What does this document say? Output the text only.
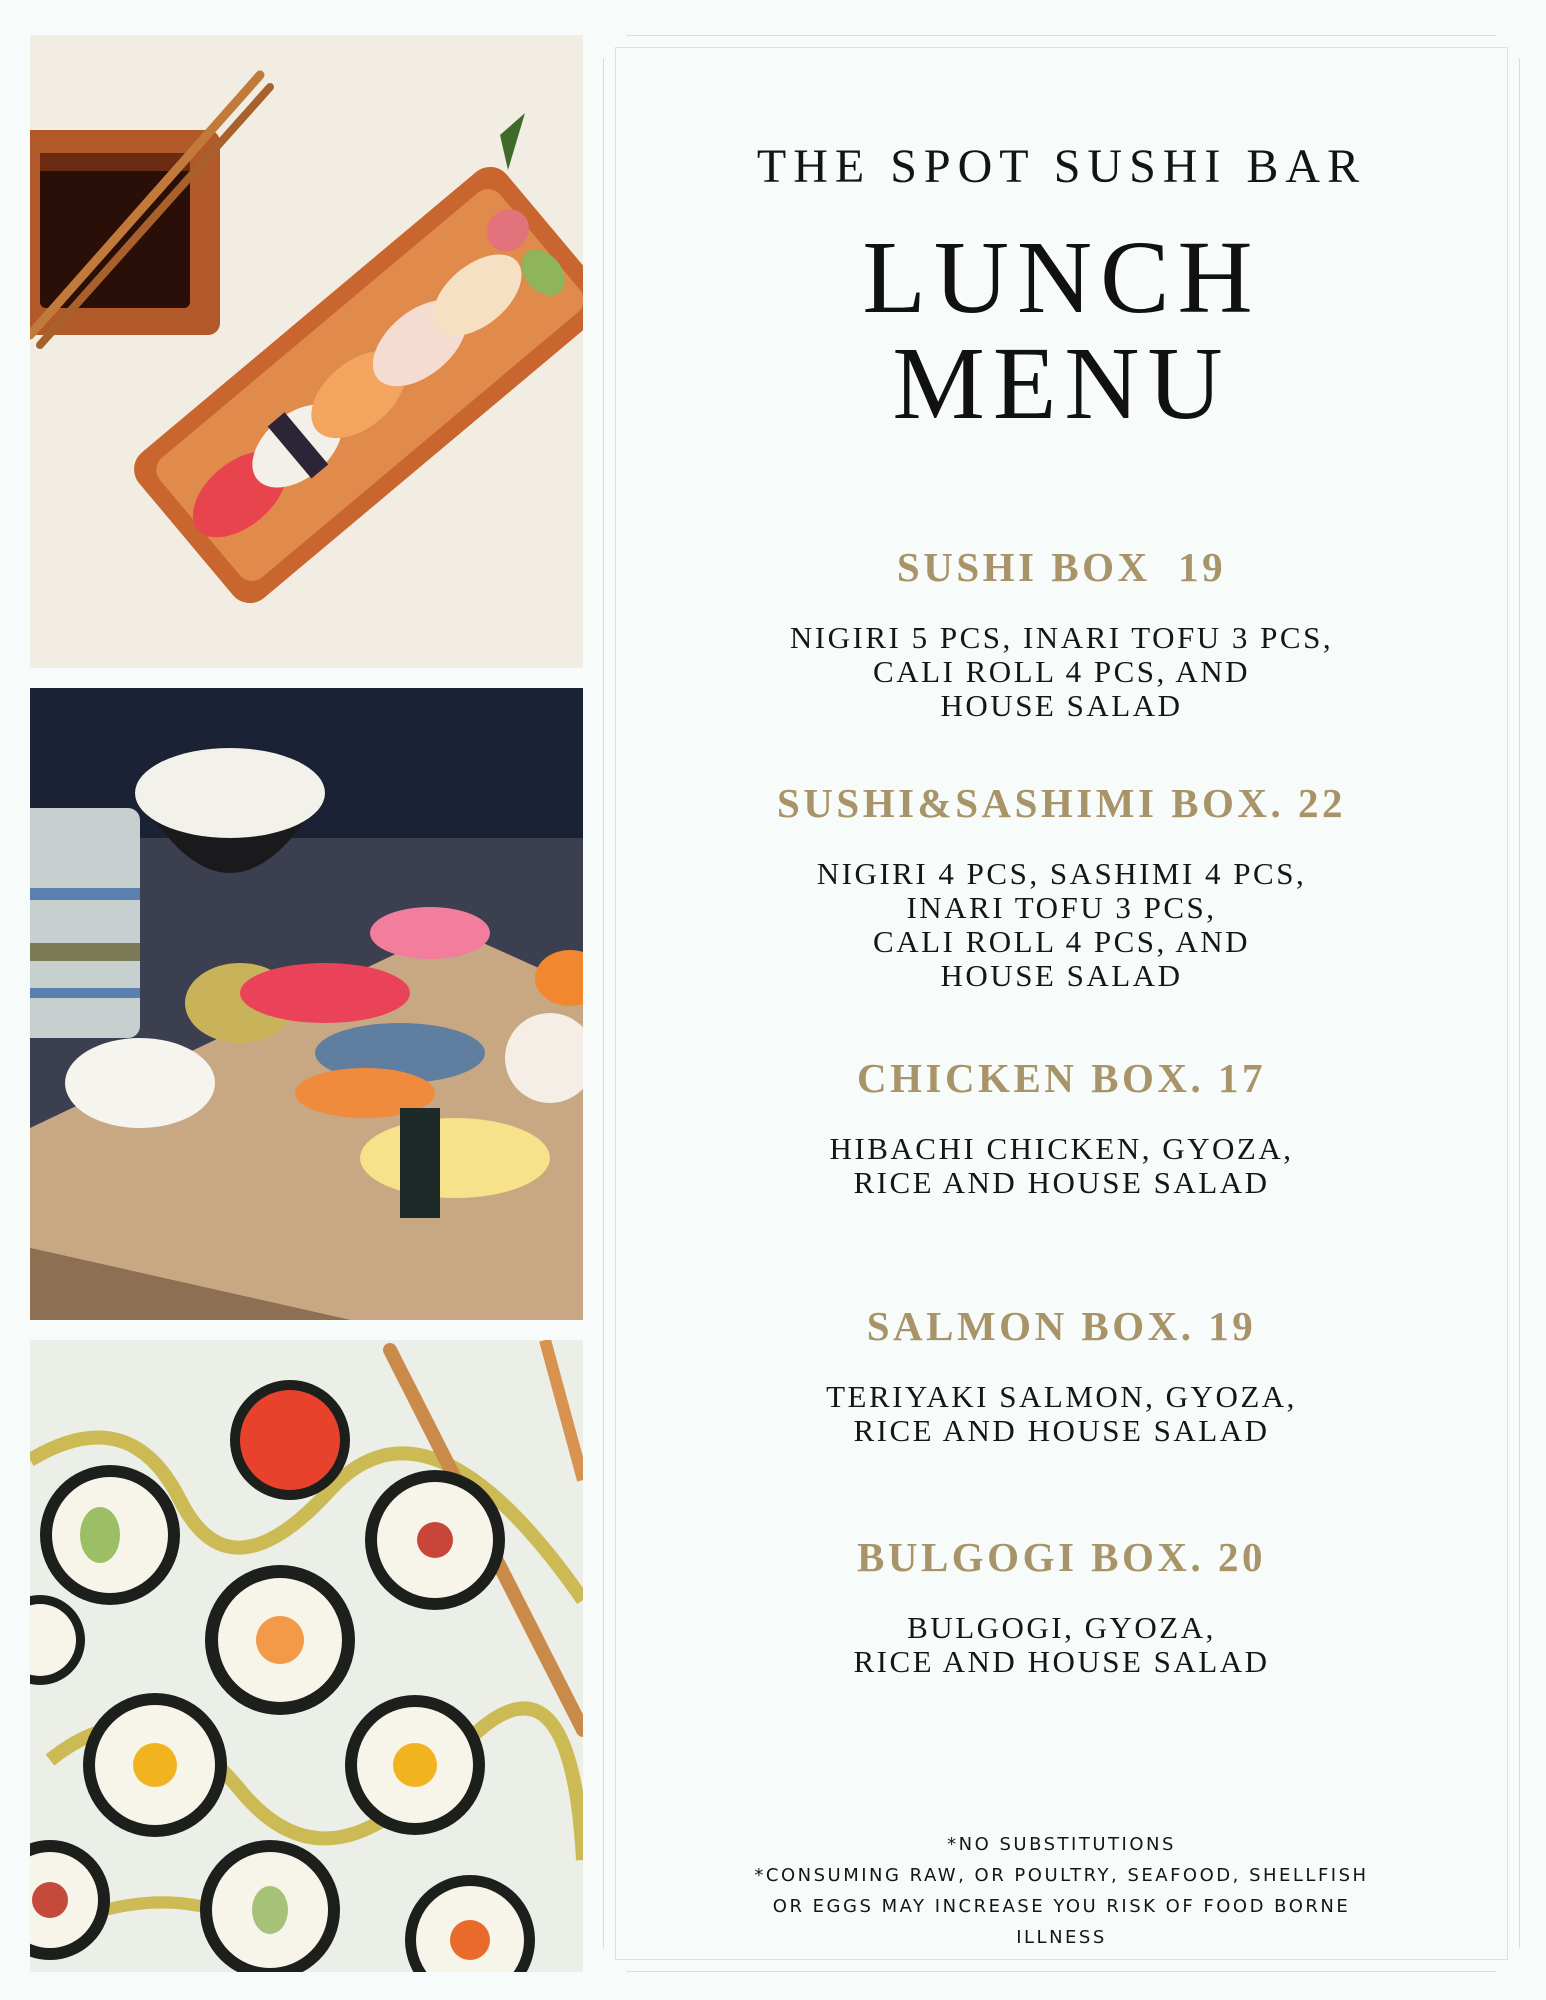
THE SPOT SUSHI BAR
LUNCH
MENU
SUSHI BOX  19
NIGIRI 5 PCS, INARI TOFU 3 PCS,
CALI ROLL 4 PCS, AND
HOUSE SALAD
SUSHI&SASHIMI BOX. 22
NIGIRI 4 PCS, SASHIMI 4 PCS,
INARI TOFU 3 PCS,
CALI ROLL 4 PCS, AND
HOUSE SALAD
CHICKEN BOX. 17
HIBACHI CHICKEN, GYOZA,
RICE AND HOUSE SALAD
SALMON BOX. 19
TERIYAKI SALMON, GYOZA,
RICE AND HOUSE SALAD
BULGOGI BOX. 20
BULGOGI, GYOZA,
RICE AND HOUSE SALAD
*NO SUBSTITUTIONS
*CONSUMING RAW, OR POULTRY, SEAFOOD, SHELLFISH
OR EGGS MAY INCREASE YOU RISK OF FOOD BORNE
ILLNESS
